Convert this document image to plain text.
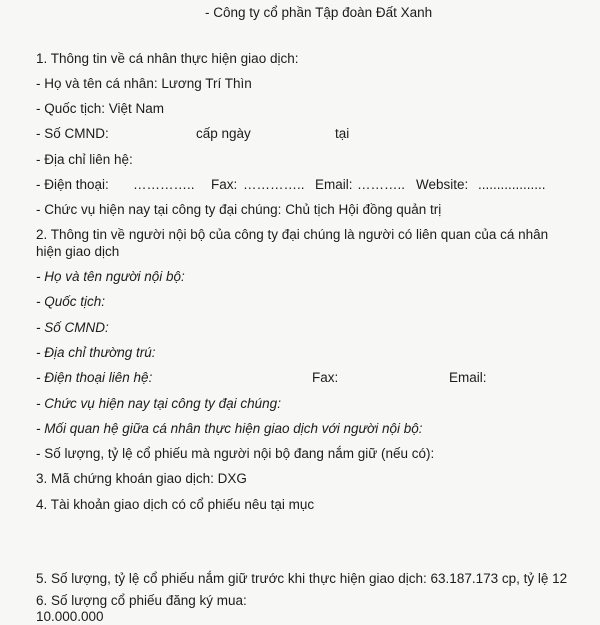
- Công ty cổ phần Tập đoàn Đất Xanh
1. Thông tin về cá nhân thực hiện giao dịch:
- Họ và tên cá nhân: Lương Trí Thìn
- Quốc tịch: Việt Nam
- Số CMND:	cấp ngày	tại
- Địa chỉ liên hệ:
- Điện thoại: ………….. Fax: ………….. Email: ……….. Website: ..................
- Chức vụ hiện nay tại công ty đại chúng: Chủ tịch Hội đồng quản trị
2. Thông tin về người nội bộ của công ty đại chúng là người có liên quan của cá nhân
hiện giao dịch
- Họ và tên người nội bộ:
- Quốc tịch:
- Số CMND:
- Địa chỉ thường trú:
- Điện thoại liên hệ:	Fax:	Email:
- Chức vụ hiện nay tại công ty đại chúng:
- Mối quan hệ giữa cá nhân thực hiện giao dịch với người nội bộ:
- Số lượng, tỷ lệ cổ phiếu mà người nội bộ đang nắm giữ (nếu có):
3. Mã chứng khoán giao dịch: DXG
4. Tài khoản giao dịch có cổ phiếu nêu tại mục
5. Số lượng, tỷ lệ cổ phiếu nắm giữ trước khi thực hiện giao dịch: 63.187.173 cp, tỷ lệ 12
6. Số lượng cổ phiếu đăng ký mua: 10.000.000
